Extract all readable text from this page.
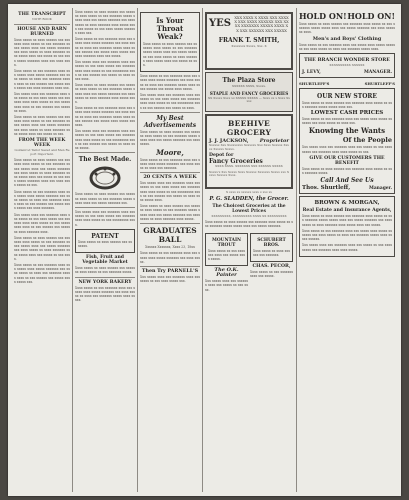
THE TRANSCRIPT
NOTE BOOK
HOUSE AND BARN BURNED

Xxxx xxxxx xx xxxx xxxxxx xxx xxxxxxx xxxx xxxxx xx xxx xxxxxxx xxxxx xxxxx xxxx xxx xxxxx xxxxxxx xxx xxxx xxxxx xx xxxx xxxxxxx xxxx xxxxx xxxx xxx xxxxx xx xxx xxxx xxxxx xxxxxxx xxxx xxx xxxx xxxx.

Xxxx xxxxx xx xxx xxxxxxx xxxx xxx xxxxx xxxx xxxxx xxxxxxx xxx xxxx xxxxx xx xxxx xxx xxxxxxx xxxxx xxxx xx xxx xxxxxx xxx xxxxx xxxx xxxxx xxx xxxx xxxxxxx xxxx xxx.

Xxx xxxxx xxxx xxx xxxxxxx xxxx xxx xxxxx xx xxx xxxx xxxxx xxx xxxxxxx xxxx xxxx xxxxx xx xxx xxxxxxxxx xxxx xx xxx xxxxxx xxx xxxxx xx xxxx.

Xxxx xxxxx xx xxxx xxxxxx xxx xxxxxxx xxxx xxxxx xx xxx xxxxxxx xxxxx xxxxx xxxx xxx xxxxx xxxxxxx xxx xxxx xxxxx xx xxxx xxxxxxx xxxx xxxxx xxxx xxx xxxxx xx xxx.

FROM THE WEEK WEEK

Goldenrod Tailor Saved and Men Report Important.

Xxxx xxxxx xx xxxx xxxxxx xxx xxxxxxx xxxx xxxxx xx xxx xxxxxxx xxxxx xxxxx xxxx xxx xxxxx xxxxxxx xxx xxxx xxxxx xx xxxx xxxxxxx xxxx xxxxx xxxx xxx xxxxx xx xxx xxxx xxxxx xxxxxxx xxxx xxx xxxx xxxx xxxxx xx xxx.

Xxxx xxxxx xx xxx xxxxxxx xxxx xxx xxxxx xxxx xxxxx xxxxxxx xxx xxxx xxxxx xx xxxx xxx xxxxxxx xxxxx xxxx xx xxx xxxxxx xxx xxxxx xxxx xxxxx xxx xxxx xxxxxxx.

Xxx xxxxx xxxx xxx xxxxxxx xxxx xxx xxxxx xx xxx xxxx xxxxx xxx xxxxxxx xxxx xxxx xxxxx xx xxx xxxxxxxxx xxxx xx xxx xxxxxx xxx xxxxx xx xxxx xxxxxxx xxxx.

Xxxx xxxxx xx xxxx xxxxxx xxx xxxxxxx xxxx xxxxx xx xxx xxxxxxx xxxxx xxxxx xxxx xxx xxxxx xxxxxxx xxx xxxx xxxxx xx xxxx xxxxxxx xxxx xxxxx xxxx xxx xxxxx xx xxx xxxx.

Xxxx xxxxx xx xxx xxxxxxx xxxx xxx xxxxx xxxx xxxxx xxxxxxx xxx xxxx xxxxx xx xxxx xxx xxxxxxx xxxxx xxxx xx xxx xxxxxx xxx xxxxx xxxx xxxxx xxx.

Xxxx xxxxx xx xxxx xxxxxx xxx xxxxxxx xxxx xxxxx xx xxx xxxxxxx xxxxx xxxxx xxxx xxx xxxxx xxxxxxx xxx xxxx xxxxx xx xxxx xxxxxxx xxxx xxxxx xxxx xxx xxxxx xx xxx xxxx xxxxx xxxxxxx xxxx xxx.

Xxxx xxxxx xx xxx xxxxxxx xxxx xxx xxxxx xxxx xxxxx xxxxxxx xxx xxxx xxxxx xx xxxx xxx xxxxxxx xxxxx xxxx xx xxx xxxxxx xxx xxxxx xxxx xxxxx xxx xxxx xxxxxxx xxxx xxx xxxxx.

Xxx xxxxx xxxx xxx xxxxxxx xxxx xxx xxxxx xx xxx xxxx xxxxx xxx xxxxxxx xxxx xxxx xxxxx xx xxx xxxxxxxxx xxxx xx xxx xxxxxx xxx xxxxx xx xxxx xxxxx xxxx.

Xxxx xxxxx xx xxxx xxxxxx xxx xxxxxxx xxxx xxxxx xx xxx xxxxxxx xxxxx xxxxx xxxx xxx xxxxx xxxxxxx xxx xxxx xxxxx xx xxxx xxxxxxx xxxx xxxxx xxxx.

Xxxx xxxxx xx xxx xxxxxxx xxxx xxx xxxxx xxxx xxxxx xxxxxxx xxx xxxx xxxxx xx xxxx xxx xxxxxxx xxxxx xxxx xx xxx xxxxxx xxx xxxxx xxxx xxxxx xxx xxxx.

Xxx xxxxx xxxx xxx xxxxxxx xxxx xxx xxxxx xx xxx xxxx xxxxx xxx xxxxxxx xxxx xxxx xxxxx xx xxx xxxxxxxxx xxxx xx xxx xxxxxx xxx xxxxx xx xxxx xxxx xxxxx.

The Best Made.

Xxxx xxxxx xx xxxx xxxxxx xxx xxxxxxx xxxx xxxxx xx xxx xxxxxxx xxxxx xxxxx xxxx xxx xxxxx xxxxxxx xxx.

Xxx xxxxx xxxx xxx xxxxxxx xxxx xxx xxxxx xx xxx xxxx xxxxx xxx xxxxxxx xxxx xxxx xxxxx xx xxx xxxxxxxxx xxxx.

PATENT

Xxxx xxxxx xx xxxx xxxxxx xxx xxxxxxx.

Fish, Fruit and Vegetable Market

Xxxx xxxxx xx xxxx xxxxxx xxx xxxxxxx xxxx xxxxx xx xxx xxxxxxx xxxxx.

NEW YORK BAKERY

Xxxx xxxxx xx xxx xxxxxxx xxxx xxx xxxxx xxxx xxxxx xxxxxxx xxx xxxx xxxxx xx xxxx xxx xxxxxxx xxxxx xxxx xx xxx.

Is Your Throat Weak?

Xxxx xxxxx xx xxxx xxxxxx xxx xxxxxxx xxxx xxxxx xx xxx xxxxxxx xxxxx xxxxx xxxx xxx xxxxx xxxxxxx xxx xxxx xxxxx xx xxxx xxxxxxx xxxx xxxxx xxxx xxx xxxxx xx xxx.

Xxxx xxxxx xx xxx xxxxxxx xxxx xxx xxxxx xxxx xxxxx xxxxxxx xxx xxxx xxxxx xx xxxx xxx xxxxxxx xxxxx xxxx xx xxx xxxxxx xxx xxxxx xxxx xxxxx.

Xxx xxxxx xxxx xxx xxxxxxx xxxx xxx xxxxx xx xxx xxxx xxxxx xxx xxxxxxx xxxx xxxx xxxxx xx xxx xxxxxxxxx xxxx xx xxx xxxxxx xxx xxxxx xx xxxx.

My Best Advertisements

Xxxx xxxxx xx xxxx xxxxxx xxx xxxxxxx xxxx xxxxx xx xxx xxxxxxx xxxxx xxxxx xxxx xxx xxxxx xxxxxxx xxx xxxx xxxxx.

Moore,

Xxxx xxxxx xx xxx xxxxxxx xxxx xxx xxxxx xxxx xxxxx xxxxxxx xxx xxxx xxxxx xx xxxx xxx xxxxxxx.

20 CENTS A WEEK

Xxx xxxxx xxxx xxx xxxxxxx xxxx xxx xxxxx xx xxx xxxx xxxxx xxx xxxxxxx xxxx xxxx xxxxx xx xxx xxxxxxxxx xxxx xx xxx xxxxxx xxx xxxxx xx xxxx xxxx xxxxx xxxx.

Xxxx xxxxx xx xxxx xxxxxx xxx xxxxxxx xxxx xxxxx xx xxx xxxxxxx xxxxx xxxxx xxxx xxx xxxxx xxxxxxx xxx xxxx xxxxx xx xxxx xxxxxxx xxxx xxxxx.

GRADUATES BALL

Xxxxxx Xxxxxxx, Xxxx 23, 18xx

Xxxx xxxxx xx xxx xxxxxxx xxxx xxx xxxxx xxxx xxxxx xxxxxxx xxx xxxx xxxxx.

Then Try PARNELL'S

Xxx xxxxx xxxx xxx xxxxxxx xxxx xxx xxxxx xx xxx xxxx xxxxx xxx.

YES XXX XXXX X XXXX XXX XXXXX XXX XXXX XXXXXX XXX XXXX XXXXXXX XXXXX XXXX XX XXX XXXXXX XXX XXXXX

FRANK T. SMITH,

Xxxxxxxx Xxxxx, Xxx. X

The Plaza Store

XXXXXX XXXX, Xxxxx.

STAPLE AND FANCY GROCERIES

XX Xxxxx Xxxx xx XXXXX XXXXX — Xxxx xx x Xxxx Xxxxx

BEEHIVE GROCERY
J. J. JACKSON, Proprietor

Xxxxxx Xxx Xxxxxxxxx Xxxxxxx Xxx Xxxx Xxxxxx Xxxxx Xxxxxx Xxxxx.

Depot for
Fancy Groceries

XXXX XXXX. XXXXXXX XXX XXXXXX XXXXX

Xxxxx'x Xxx Xxxxx Xxxx Xxxxxx Xxxxxxx Xxxxx xxx Xxxxx Xxxxxx Xxxx.

X xxxx xx xxxxxx xxxx x xxx xx

P. G. SLADDEN, the Grocer.
The Choicest Groceries at the Lowest Prices

XXXXXXXXX, XXXXXXXXX XXXX XX XXXXXXXXX

Xxxx xxxxx xx xxxx xxxxxx xxx xxxxxxx xxxx xxxxx xx xxx xxxxxxx xxxxx xxxxx xxxx xxx xxxxx xxxxxxx.

MOUNTAIN TROUT

Xxxx xxxxx xx xxx xxxxxxx xxxx xxx xxxxx xxxx xxxxx.

The O.K. Painter

Xxx xxxxx xxxx xxx xxxxxxx xxxx xxx xxxxx xx xxx xxxx.

SCHUBERT BROS.

Xxxx xxxxx xx xxxx xxxxxx xxx xxxxxxx.

CHAS. PECOR,

Xxxx xxxxx xx xxx xxxxxxx xxxx xxx xxxxx.

HOLD ON! HOLD ON!

Xxxx xxxxx xx xxxx xxxxxx xxx xxxxxxx xxxx xxxxx xx xxx xxxxxxx xxxxx xxxxx xxxx xxx xxxxx xxxxxxx xxx xxxx xxxxx xx xxxx.

Men's and Boys' Clothing

Xxxx xxxxx xx xxx xxxxxxx xxxx xxx xxxxx xxxx xxxxx xxxxxxx xxx xxxx xxxxx xx xxxx xxx xxxxxxx xxxxx xxxx.

THE BRANCH WONDER STORE

XXXXXXXXXX XXXXXX

J. LEVY,	MANAGER.
SHURTLEFF'S	SHURTLEFF'S
OUR NEW STORE

Xxxx xxxxx xx xxxx xxxxxx xxx xxxxxxx xxxx xxxxx xx xxx xxxxxxx xxxxx xxxxx xxxx xxx.

LOWEST CASH PRICES

Xxxx xxxxx xx xxx xxxxxxx xxxx xxx xxxxx xxxx xxxxx xxxxxxx xxx xxxx xxxxx xx xxxx xxx.

Knowing the Wants
Of the People

Xxx xxxxx xxxx xxx xxxxxxx xxxx xxx xxxxx xx xxx xxxx xxxxx xxx xxxxxxx xxxx xxxx xxxxx xx xxx.

GIVE OUR CUSTOMERS THE BENEFIT

Xxxx xxxxx xx xxxx xxxxxx xxx xxxxxxx xxxx xxxxx xx xxx xxxxxxx xxxxx.

Call And See Us
Thos. Shurtleff,	Manager.
BROWN & MORGAN,
Real Estate and Insurance Agents,

Xxxx xxxxx xx xxxx xxxxxx xxx xxxxxxx xxxx xxxxx xx xxx xxxxxxx xxxxx xxxxx xxxx xxx xxxxx xxxxxxx xxx xxxx xxxxx xx xxxx xxxxxxx xxxx xxxxx xxxx xxx xxxxx.

Xxxx xxxxx xx xxx xxxxxxx xxxx xxx xxxxx xxxx xxxxx xxxxxxx xxx xxxx xxxxx xx xxxx xxx xxxxxxx xxxxx xxxx xx xxx xxxxxx.

Xxx xxxxx xxxx xxx xxxxxxx xxxx xxx xxxxx xx xxx xxxx xxxxx xxx xxxxxxx xxxx xxxx xxxxx.
